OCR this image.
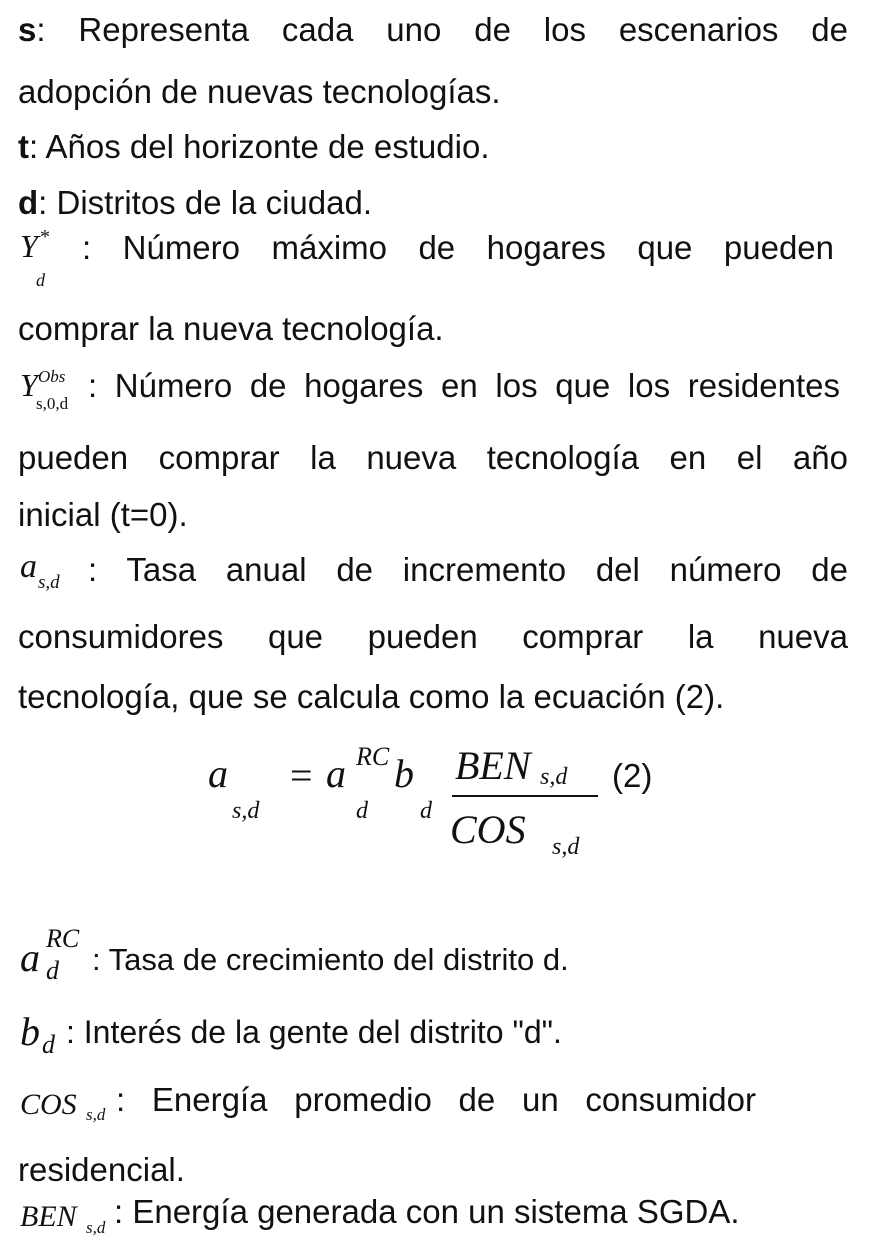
s: Representa cada uno de los escenarios de
adopción de nuevas tecnologías.
t: Años del horizonte de estudio.
d: Distritos de la ciudad.
Y *
d
: Número máximo de hogares que pueden
comprar la nueva tecnología.
Y Obs
s,0,d : Número de hogares en los que los residentes
pueden comprar la nueva tecnología en el año
inicial (t=0).
a s,d : Tasa anual de incremento del número de
consumidores que pueden comprar la nueva
tecnología, que se calcula como la ecuación (2).
a
s,d
= a RC
d
b
d
BEN s,d
COS s,d
(2)
a RC
d : Tasa de crecimiento del distrito d.
b d : Interés de la gente del distrito "d".
COS s,d : Energía promedio de un consumidor
residencial.
BEN s,d : Energía generada con un sistema SGDA.
